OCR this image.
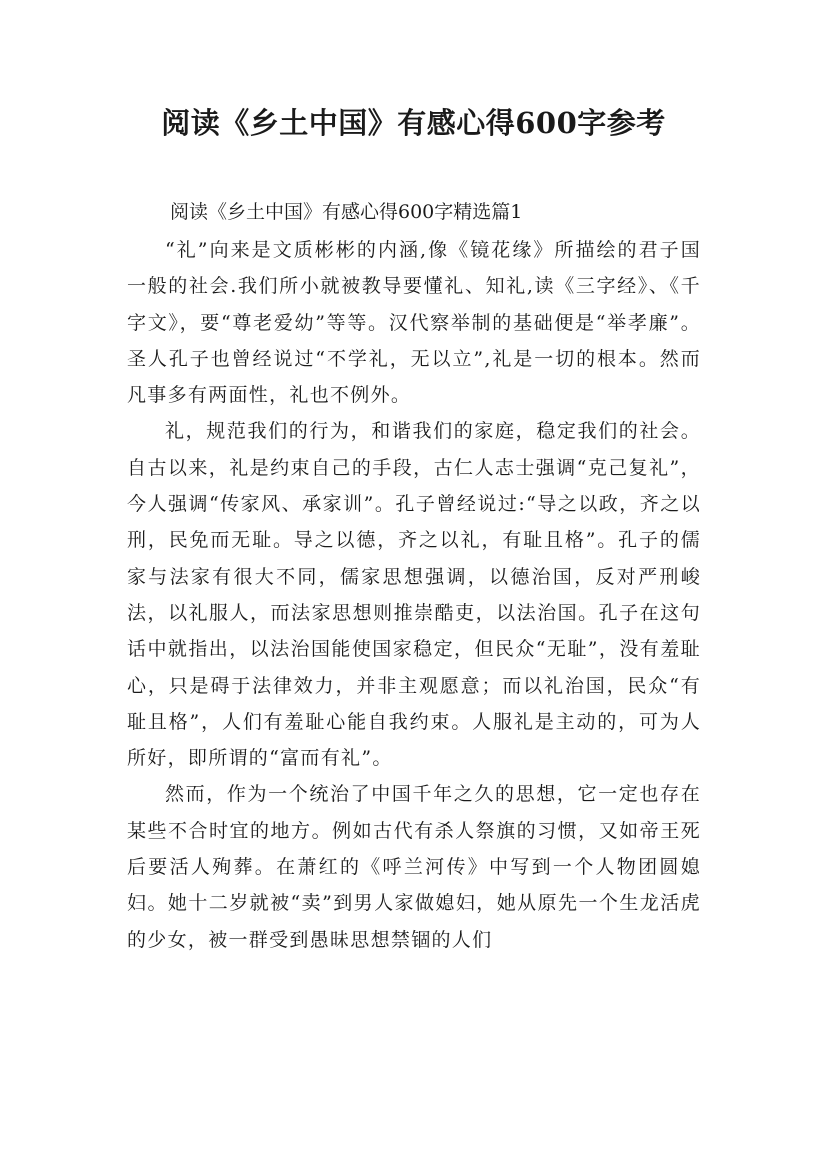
阅读《乡土中国》有感心得600字参考
阅读《乡土中国》有感心得600字精选篇1

“礼”向来是文质彬彬的内涵,像《镜花缘》所描绘的君子国一般的社会.我们所小就被教导要懂礼、知礼,读《三字经》、《千字文》，要“尊老爱幼”等等。汉代察举制的基础便是“举孝廉”。圣人孔子也曾经说过“不学礼，无以立”,礼是一切的根本。然而凡事多有两面性，礼也不例外。

礼，规范我们的行为，和谐我们的家庭，稳定我们的社会。自古以来，礼是约束自己的手段，古仁人志士强调“克己复礼”，今人强调“传家风、承家训”。孔子曾经说过:“导之以政，齐之以刑，民免而无耻。导之以德，齐之以礼，有耻且格”。孔子的儒家与法家有很大不同，儒家思想强调，以德治国，反对严刑峻法，以礼服人，而法家思想则推崇酷吏，以法治国。孔子在这句话中就指出，以法治国能使国家稳定，但民众“无耻”，没有羞耻心，只是碍于法律效力，并非主观愿意；而以礼治国，民众“有耻且格”，人们有羞耻心能自我约束。人服礼是主动的，可为人所好，即所谓的“富而有礼”。

然而，作为一个统治了中国千年之久的思想，它一定也存在某些不合时宜的地方。例如古代有杀人祭旗的习惯，又如帝王死后要活人殉葬。在萧红的《呼兰河传》中写到一个人物团圆媳妇。她十二岁就被“卖”到男人家做媳妇，她从原先一个生龙活虎的少女，被一群受到愚昧思想禁锢的人们
